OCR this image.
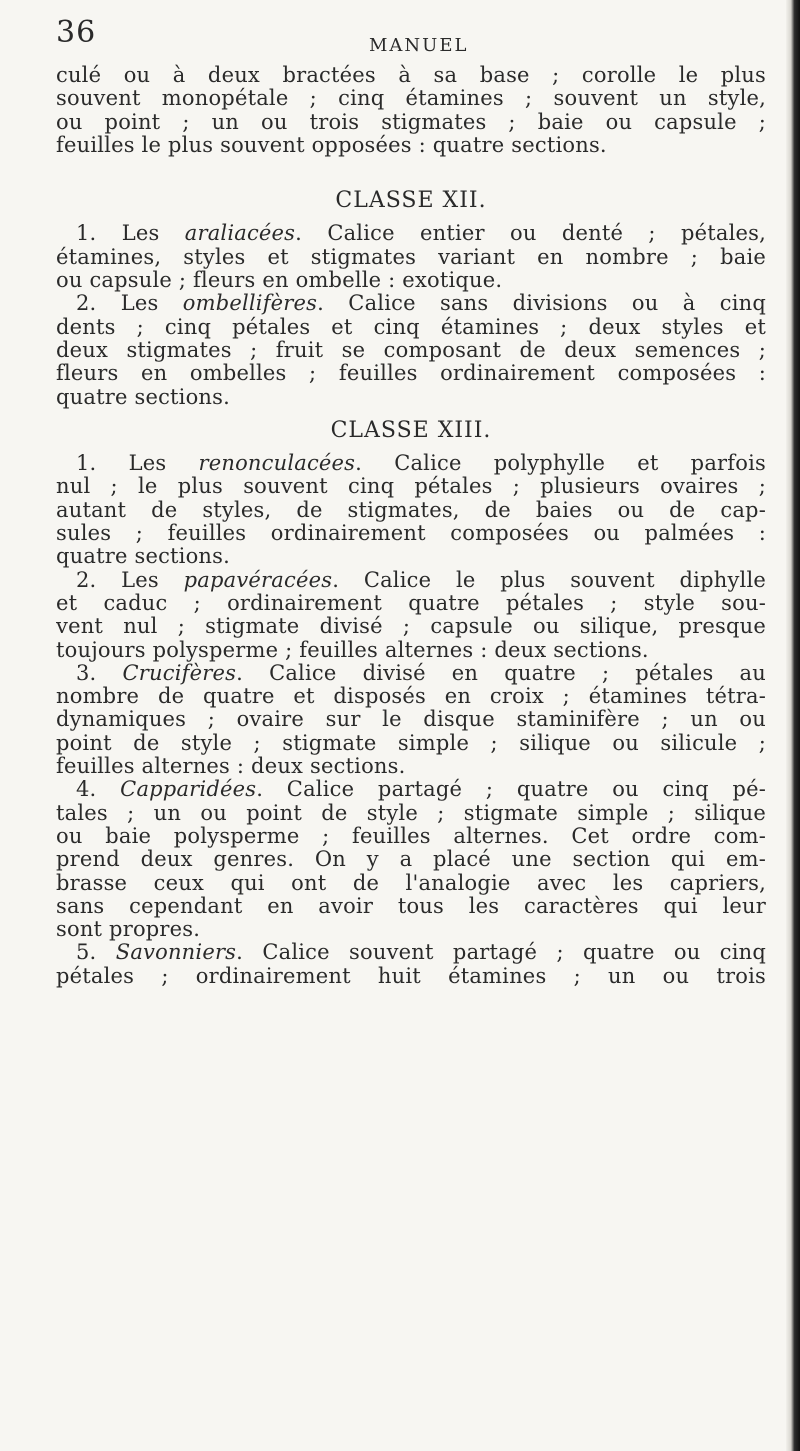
36	MANUEL
culé ou à deux bractées à sa base ; corolle le plus
souvent monopétale ; cinq étamines ; souvent un style,
ou point ; un ou trois stigmates ; baie ou capsule ;
feuilles le plus souvent opposées : quatre sections.
CLASSE XII.
1. Les araliacées. Calice entier ou denté ; pétales,
étamines, styles et stigmates variant en nombre ; baie
ou capsule ; fleurs en ombelle : exotique.
2. Les ombellifères. Calice sans divisions ou à cinq
dents ; cinq pétales et cinq étamines ; deux styles et
deux stigmates ; fruit se composant de deux semences ;
fleurs en ombelles ; feuilles ordinairement composées :
quatre sections.
CLASSE XIII.
1. Les renonculacées. Calice polyphylle et parfois
nul ; le plus souvent cinq pétales ; plusieurs ovaires ;
autant de styles, de stigmates, de baies ou de cap-
sules ; feuilles ordinairement composées ou palmées :
quatre sections.
2. Les papavéracées. Calice le plus souvent diphylle
et caduc ; ordinairement quatre pétales ; style sou-
vent nul ; stigmate divisé ; capsule ou silique, presque
toujours polysperme ; feuilles alternes : deux sections.
3. Crucifères. Calice divisé en quatre ; pétales au
nombre de quatre et disposés en croix ; étamines tétra-
dynamiques ; ovaire sur le disque staminifère ; un ou
point de style ; stigmate simple ; silique ou silicule ;
feuilles alternes : deux sections.
4. Capparidées. Calice partagé ; quatre ou cinq pé-
tales ; un ou point de style ; stigmate simple ; silique
ou baie polysperme ; feuilles alternes. Cet ordre com-
prend deux genres. On y a placé une section qui em-
brasse ceux qui ont de l'analogie avec les capriers,
sans cependant en avoir tous les caractères qui leur
sont propres.
5. Savonniers. Calice souvent partagé ; quatre ou cinq
pétales ; ordinairement huit étamines ; un ou trois
